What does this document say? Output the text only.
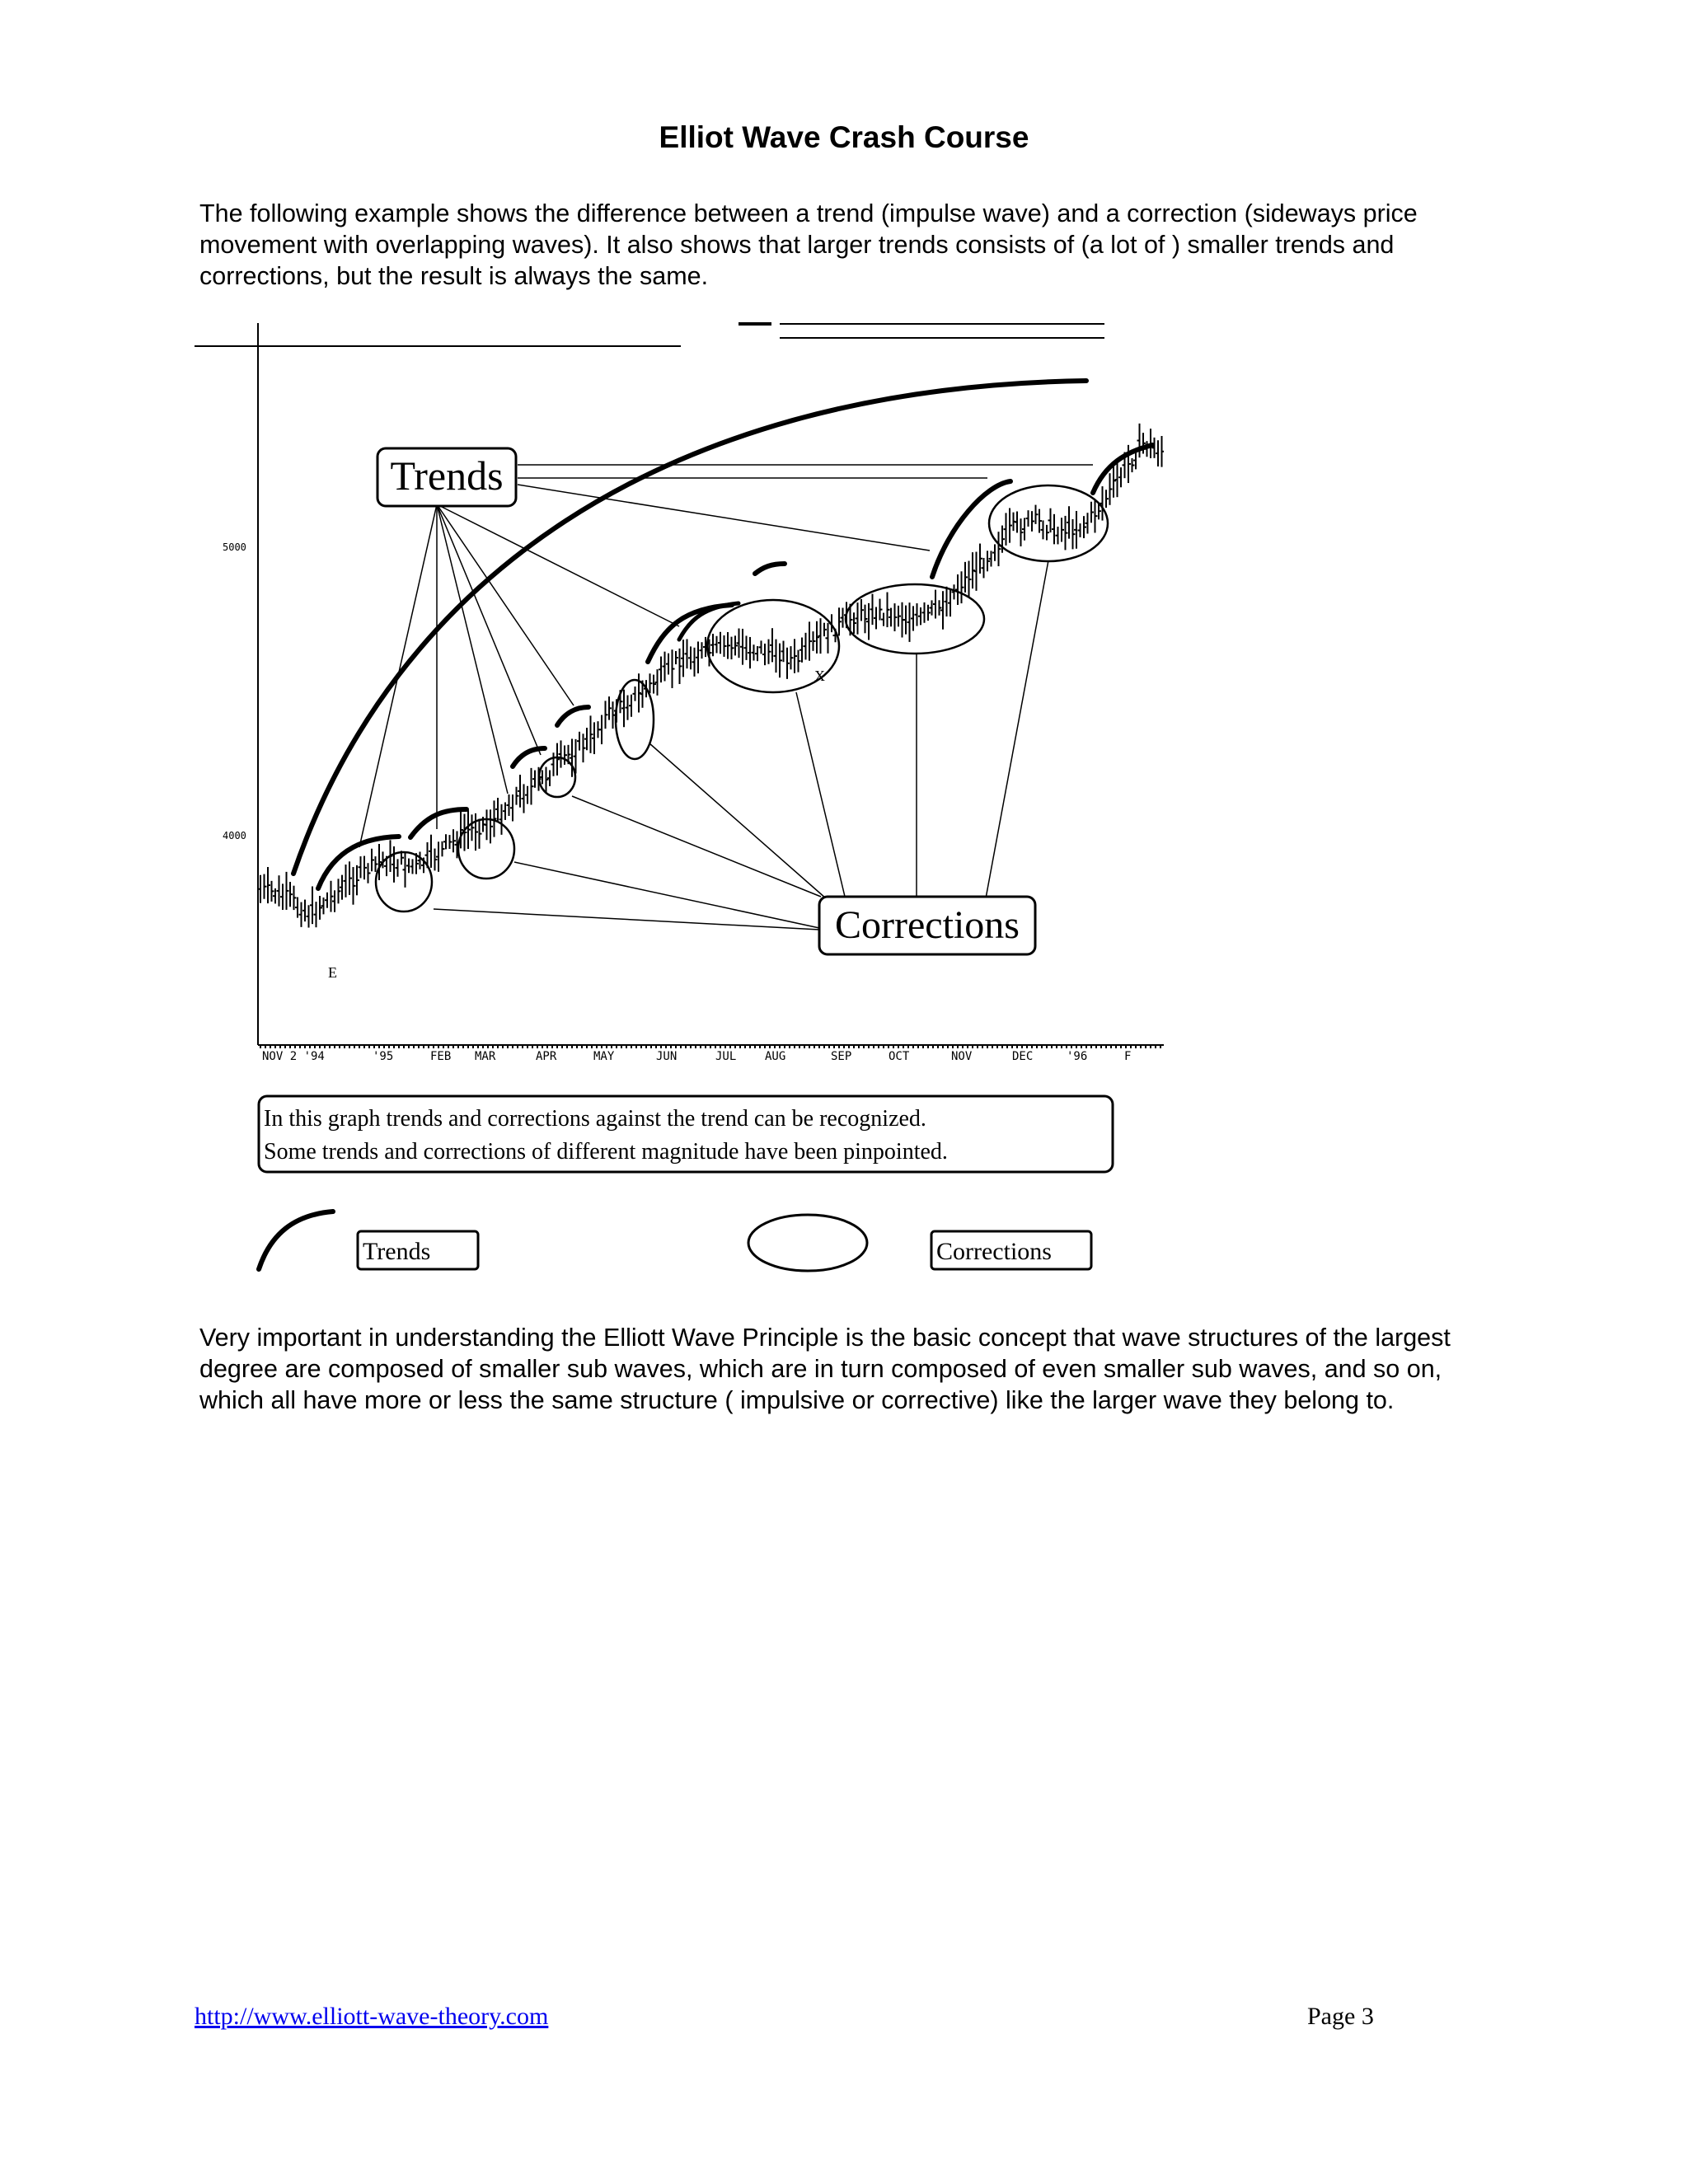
Elliot Wave Crash Course

The following example shows the difference between a trend (impulse wave) and a correction (sideways price movement with overlapping waves). It also shows that larger trends consists of (a lot of ) smaller trends and corrections, but the result is always the same.

Trends
Corrections
5000
4000
E
X
NOV 2 '94	'95	FEB MAR	APR	MAY	JUN	JUL AUG	SEP	OCT	NOV	DEC	'96	F
In this graph trends and corrections against the trend can be recognized.
Some trends and corrections of different magnitude have been pinpointed.
Trends	Corrections

Very important in understanding the Elliott Wave Principle is the basic concept that wave structures of the largest degree are composed of smaller sub waves, which are in turn composed of even smaller sub waves, and so on, which all have more or less the same structure ( impulsive or corrective) like the larger wave they belong to.

http://www.elliott-wave-theory.com	Page 3
